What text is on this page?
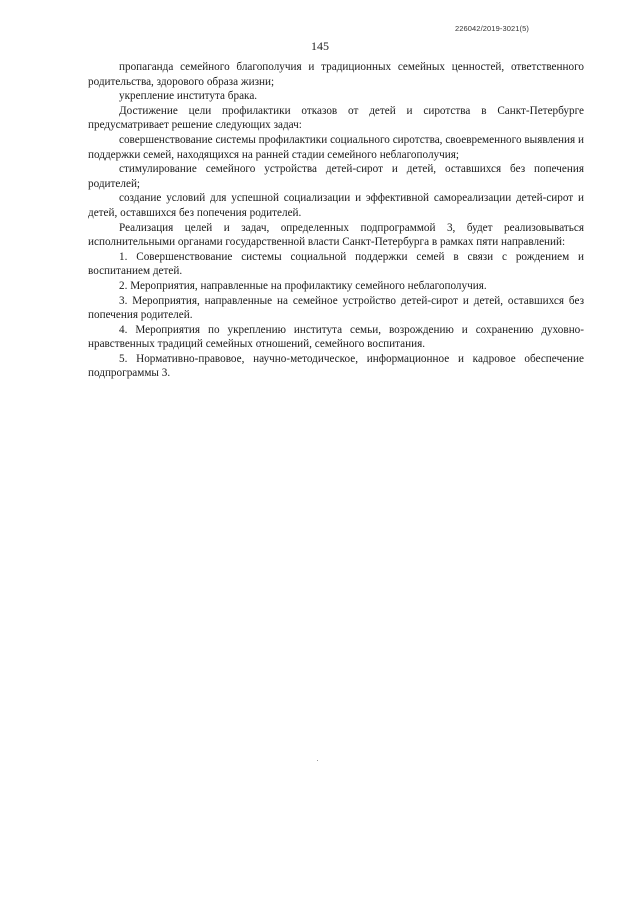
226042/2019-3021(5)
145

пропаганда семейного благополучия и традиционных семейных ценностей, ответственного родительства, здорового образа жизни;

укрепление института брака.

Достижение цели профилактики отказов от детей и сиротства в Санкт-Петербурге предусматривает решение следующих задач:

совершенствование системы профилактики социального сиротства, своевременного выявления и поддержки семей, находящихся на ранней стадии семейного неблагополучия;

стимулирование семейного устройства детей-сирот и детей, оставшихся без попечения родителей;

создание условий для успешной социализации и эффективной самореализации детей-сирот и детей, оставшихся без попечения родителей.

Реализация целей и задач, определенных подпрограммой 3, будет реализовываться исполнительными органами государственной власти Санкт-Петербурга в рамках пяти направлений:

1. Совершенствование системы социальной поддержки семей в связи с рождением и воспитанием детей.

2. Мероприятия, направленные на профилактику семейного неблагополучия.

3. Мероприятия, направленные на семейное устройство детей-сирот и детей, оставшихся без попечения родителей.

4. Мероприятия по укреплению института семьи, возрождению и сохранению духовно-нравственных традиций семейных отношений, семейного воспитания.

5. Нормативно-правовое, научно-методическое, информационное и кадровое обеспечение подпрограммы 3.
